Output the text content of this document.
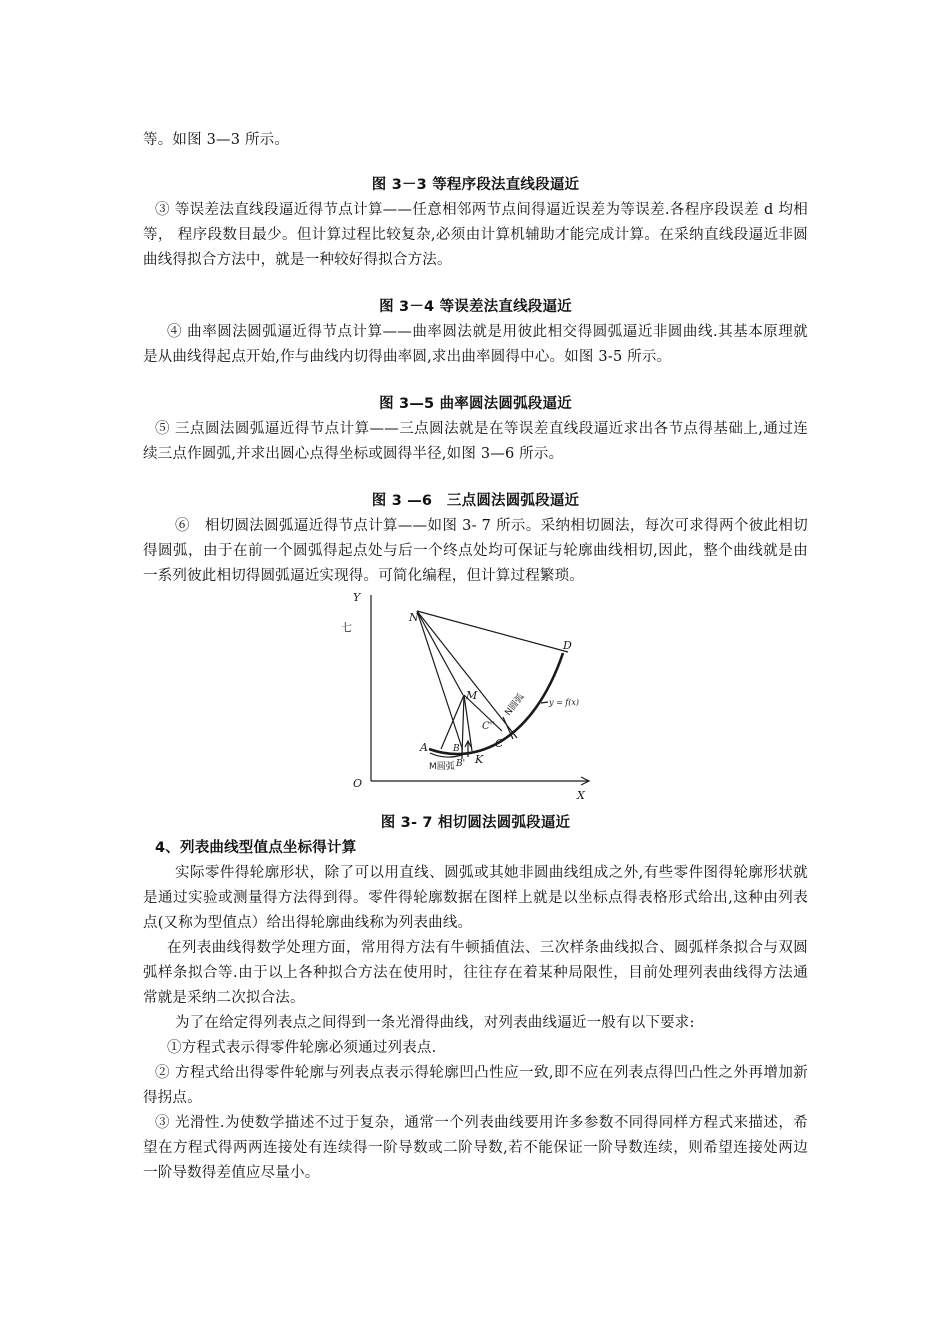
等。如图 3—3 所示。

图 3－3 等程序段法直线段逼近

③ 等误差法直线段逼近得节点计算——任意相邻两节点间得逼近误差为等误差.各程序段误差 d 均相等， 程序段数目最少。但计算过程比较复杂,必须由计算机辅助才能完成计算。在采纳直线段逼近非圆曲线得拟合方法中，就是一种较好得拟合方法。

图 3－4 等误差法直线段逼近

④ 曲率圆法圆弧逼近得节点计算——曲率圆法就是用彼此相交得圆弧逼近非圆曲线.其基本原理就是从曲线得起点开始,作与曲线内切得曲率圆,求出曲率圆得中心。如图 3-5 所示。

图 3—5 曲率圆法圆弧段逼近

⑤ 三点圆法圆弧逼近得节点计算——三点圆法就是在等误差直线段逼近求出各节点得基础上,通过连续三点作圆弧,并求出圆心点得坐标或圆得半径,如图 3—6 所示。

图 3 —6　三点圆法圆弧段逼近

⑥　相切圆法圆弧逼近得节点计算——如图 3- 7 所示。采纳相切圆法，每次可求得两个彼此相切得圆弧，由于在前一个圆弧得起点处与后一个终点处均可保证与轮廓曲线相切,因此，整个曲线就是由一系列彼此相切得圆弧逼近实现得。可简化编程，但计算过程繁琐。

Y
X
O
N
D
M
A	B
B' K
C
C''
y = f(x)
七
N圆弧
M圆弧

图 3- 7 相切圆法圆弧段逼近

4、列表曲线型值点坐标得计算

实际零件得轮廓形状，除了可以用直线、圆弧或其她非圆曲线组成之外,有些零件图得轮廓形状就是通过实验或测量得方法得到得。零件得轮廓数据在图样上就是以坐标点得表格形式给出,这种由列表点(又称为型值点）给出得轮廓曲线称为列表曲线。

在列表曲线得数学处理方面，常用得方法有牛顿插值法、三次样条曲线拟合、圆弧样条拟合与双圆弧样条拟合等.由于以上各种拟合方法在使用时，往往存在着某种局限性，目前处理列表曲线得方法通常就是采纳二次拟合法。

为了在给定得列表点之间得到一条光滑得曲线，对列表曲线逼近一般有以下要求:

①方程式表示得零件轮廓必须通过列表点.

② 方程式给出得零件轮廓与列表点表示得轮廓凹凸性应一致,即不应在列表点得凹凸性之外再增加新得拐点。

③ 光滑性.为使数学描述不过于复杂，通常一个列表曲线要用许多参数不同得同样方程式来描述，希望在方程式得两两连接处有连续得一阶导数或二阶导数,若不能保证一阶导数连续，则希望连接处两边一阶导数得差值应尽量小。
